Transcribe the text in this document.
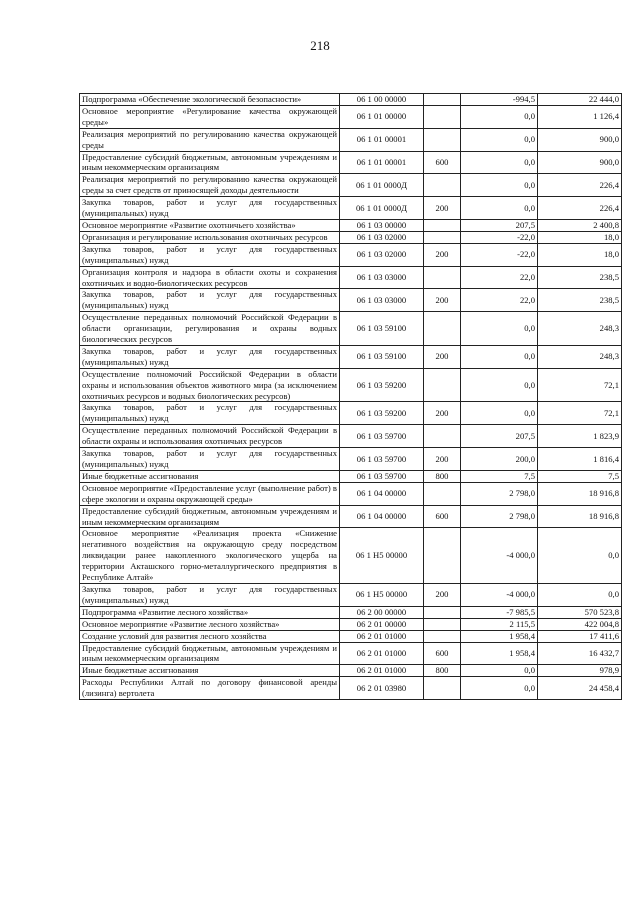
218
Подпрограмма «Обеспечение экологической безопасности»	06 1 00 00000		-994,5	22 444,0
Основное мероприятие «Регулирование качества окружающей среды»	06 1 01 00000		0,0	1 126,4
Реализация мероприятий по регулированию качества окружающей среды	06 1 01 00001		0,0	900,0
Предоставление субсидий бюджетным, автономным учреждениям и иным некоммерческим организациям	06 1 01 00001	600	0,0	900,0
Реализация мероприятий по регулированию качества окружающей среды за счет средств от приносящей доходы деятельности	06 1 01 0000Д		0,0	226,4
Закупка товаров, работ и услуг для государственных (муниципальных) нужд	06 1 01 0000Д	200	0,0	226,4
Основное мероприятие «Развитие охотничьего хозяйства»	06 1 03 00000		207,5	2 400,8
Организация и регулирование использования охотничьих ресурсов	06 1 03 02000		-22,0	18,0
Закупка товаров, работ и услуг для государственных (муниципальных) нужд	06 1 03 02000	200	-22,0	18,0
Организация контроля и надзора в области охоты и сохранения охотничьих и водно-биологических ресурсов	06 1 03 03000		22,0	238,5
Закупка товаров, работ и услуг для государственных (муниципальных) нужд	06 1 03 03000	200	22,0	238,5
Осуществление переданных полномочий Российской Федерации в области организации, регулирования и охраны водных биологических ресурсов	06 1 03 59100		0,0	248,3
Закупка товаров, работ и услуг для государственных (муниципальных) нужд	06 1 03 59100	200	0,0	248,3
Осуществление полномочий Российской Федерации в области охраны и использования объектов животного мира (за исключением охотничьих ресурсов и водных биологических ресурсов)	06 1 03 59200		0,0	72,1
Закупка товаров, работ и услуг для государственных (муниципальных) нужд	06 1 03 59200	200	0,0	72,1
Осуществление переданных полномочий Российской Федерации в области охраны и использования охотничьих ресурсов	06 1 03 59700		207,5	1 823,9
Закупка товаров, работ и услуг для государственных (муниципальных) нужд	06 1 03 59700	200	200,0	1 816,4
Иные бюджетные ассигнования	06 1 03 59700	800	7,5	7,5
Основное мероприятие «Предоставление услуг (выполнение работ) в сфере экологии и охраны окружающей среды»	06 1 04 00000		2 798,0	18 916,8
Предоставление субсидий бюджетным, автономным учреждениям и иным некоммерческим организациям	06 1 04 00000	600	2 798,0	18 916,8
Основное мероприятие «Реализация проекта «Снижение негативного воздействия на окружающую среду посредством ликвидации ранее накопленного экологического ущерба на территории Акташского горно-металлургического предприятия в Республике Алтай»	06 1 H5 00000		-4 000,0	0,0
Закупка товаров, работ и услуг для государственных (муниципальных) нужд	06 1 H5 00000	200	-4 000,0	0,0
Подпрограмма «Развитие лесного хозяйства»	06 2 00 00000		-7 985,5	570 523,8
Основное мероприятие «Развитие лесного хозяйства»	06 2 01 00000		2 115,5	422 004,8
Создание условий для развития лесного хозяйства	06 2 01 01000		1 958,4	17 411,6
Предоставление субсидий бюджетным, автономным учреждениям и иным некоммерческим организациям	06 2 01 01000	600	1 958,4	16 432,7
Иные бюджетные ассигнования	06 2 01 01000	800	0,0	978,9
Расходы Республики Алтай по договору финансовой аренды (лизинга) вертолета	06 2 01 03980		0,0	24 458,4
